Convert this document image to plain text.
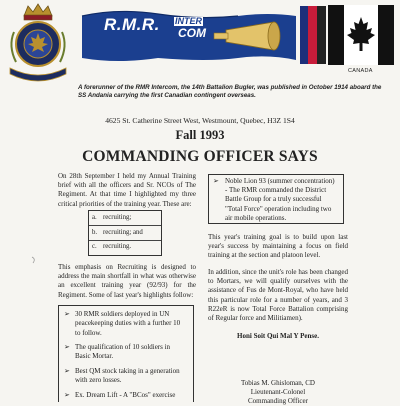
R.M.R. INTER
COM
CANADA
A forerunner of the RMR Intercom, the 14th Battalion Bugler, was published in October 1914 aboard the SS Andania carrying the first Canadian contingent overseas.
4625 St. Catherine Street West, Westmount, Quebec, H3Z 1S4
Fall 1993
COMMANDING OFFICER SAYS
On 28th September I held my Annual Training brief with all the officers and Sr. NCOs of The Regiment. At that time I highlighted my three critical priorities of the training year. These are:
a. recruiting;
b. recruiting; and
c. recruiting.
This emphasis on Recruiting is designed to address the main shortfall in what was otherwise an excellent training year (92/93) for the Regiment. Some of last year's highlights follow:
➢ 30 RMR soldiers deployed in UN peacekeeping duties with a further 10 to follow.
➢ The qualification of 10 soldiers in Basic Mortar.
➢ Best QM stock taking in a generation with zero losses.
➢ Ex. Dream Lift - A "BCos" exercise
➢ Noble Lion 93 (summer concentration) - The RMR commanded the District Battle Group for a truly successful "Total Force" operation including two air mobile operations.
This year's training goal is to build upon last year's success by maintaining a focus on field training at the section and platoon level.
In addition, since the unit's role has been changed to Mortars, we will qualify ourselves with the assistance of Fus de Mont-Royal, who have held this particular role for a number of years, and 3 R22eR is now Total Force Battalion comprising of Regular force and Militiamen).
Honi Soit Qui Mal Y Pense.
Tobias M. Ghisloman, CD
Lieutenant-Colonel
Commanding Officer
